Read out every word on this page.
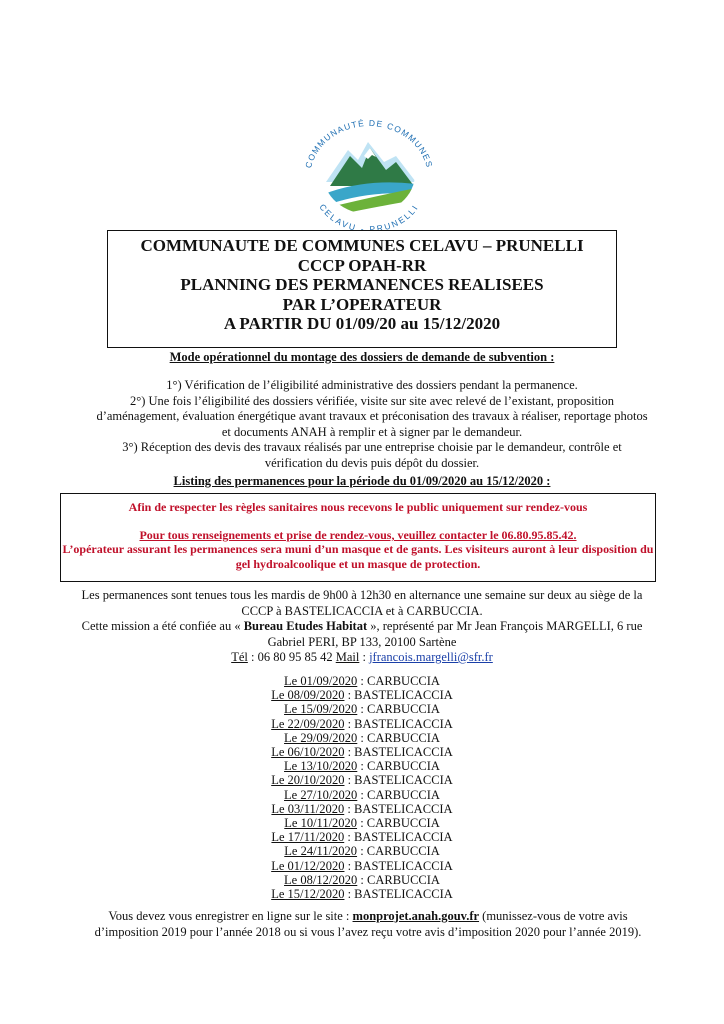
COMMUNAUTÉ DE COMMUNES
CELAVU - PRUNELLI
COMMUNAUTE DE COMMUNES CELAVU – PRUNELLI
CCCP OPAH-RR
PLANNING DES PERMANENCES REALISEES
PAR L’OPERATEUR
A PARTIR DU 01/09/20 au 15/12/2020
Mode opérationnel du montage des dossiers de demande de subvention :
1°) Vérification de l’éligibilité administrative des dossiers pendant la permanence.
2°) Une fois l’éligibilité des dossiers vérifiée, visite sur site avec relevé de l’existant, proposition d’aménagement, évaluation énergétique avant travaux et préconisation des travaux à réaliser, reportage photos et documents ANAH à remplir et à signer par le demandeur.
3°) Réception des devis des travaux réalisés par une entreprise choisie par le demandeur, contrôle et vérification du devis puis dépôt du dossier.
Listing des permanences pour la période du 01/09/2020 au 15/12/2020 :
Afin de respecter les règles sanitaires nous recevons le public uniquement sur rendez-vous
Pour tous renseignements et prise de rendez-vous, veuillez contacter le 06.80.95.85.42.
L’opérateur assurant les permanences sera muni d’un masque et de gants. Les visiteurs auront à leur disposition du gel hydroalcoolique et un masque de protection.
Les permanences sont tenues tous les mardis de 9h00 à 12h30 en alternance une semaine sur deux au siège de la CCCP à BASTELICACCIA et à CARBUCCIA.
Cette mission a été confiée au « Bureau Etudes Habitat », représenté par Mr Jean François MARGELLI, 6 rue Gabriel PERI, BP 133, 20100 Sartène
Tél : 06 80 95 85 42 Mail : jfrancois.margelli@sfr.fr
Le 01/09/2020 : CARBUCCIA
Le 08/09/2020 : BASTELICACCIA
Le 15/09/2020 : CARBUCCIA
Le 22/09/2020 : BASTELICACCIA
Le 29/09/2020 : CARBUCCIA
Le 06/10/2020 : BASTELICACCIA
Le 13/10/2020 : CARBUCCIA
Le 20/10/2020 : BASTELICACCIA
Le 27/10/2020 : CARBUCCIA
Le 03/11/2020 : BASTELICACCIA
Le 10/11/2020 : CARBUCCIA
Le 17/11/2020 : BASTELICACCIA
Le 24/11/2020 : CARBUCCIA
Le 01/12/2020 : BASTELICACCIA
Le 08/12/2020 : CARBUCCIA
Le 15/12/2020 : BASTELICACCIA
Vous devez vous enregistrer en ligne sur le site : monprojet.anah.gouv.fr (munissez-vous de votre avis d’imposition 2019 pour l’année 2018 ou si vous l’avez reçu votre avis d’imposition 2020 pour l’année 2019).
